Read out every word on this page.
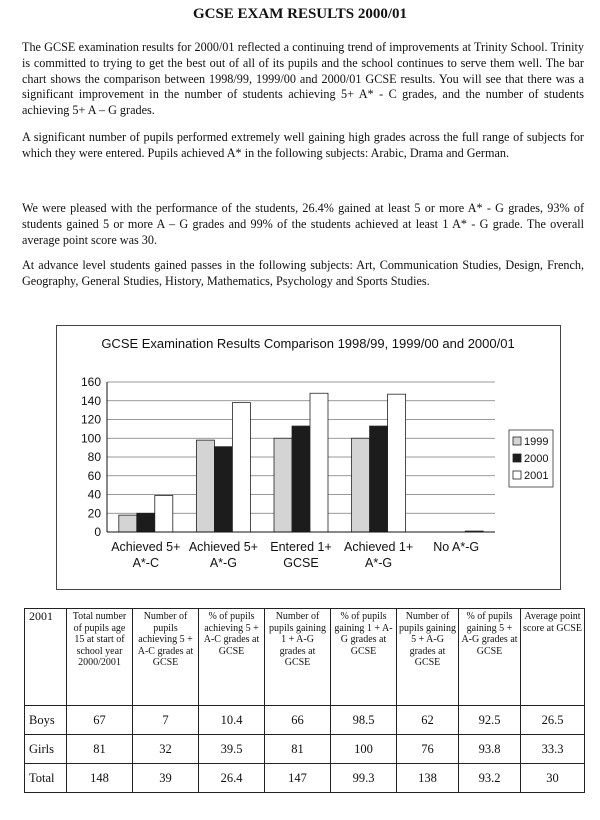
GCSE EXAM RESULTS 2000/01

The GCSE examination results for 2000/01 reflected a continuing trend of improvements at Trinity School. Trinity is committed to trying to get the best out of all of its pupils and the school continues to serve them well. The bar chart shows the comparison between 1998/99, 1999/00 and 2000/01 GCSE results. You will see that there was a significant improvement in the number of students achieving 5+ A* - C grades, and the number of students achieving 5+ A – G grades.

A significant number of pupils performed extremely well gaining high grades across the full range of subjects for which they were entered. Pupils achieved A* in the following subjects: Arabic, Drama and German.

We were pleased with the performance of the students, 26.4% gained at least 5 or more A* - G grades, 93% of students gained 5 or more A – G grades and 99% of the students achieved at least 1 A* - G grade. The overall average point score was 30.

At advance level students gained passes in the following subjects: Art, Communication Studies, Design, French, Geography, General Studies, History, Mathematics, Psychology and Sports Studies.

GCSE Examination Results Comparison 1998/99, 1999/00 and 2000/01
0
20
40
60
80
100
120
140
160
Achieved 5+
A*-C
Achieved 5+
A*-G
Entered 1+
GCSE
Achieved 1+
A*-G
No A*-G
1999
2000
2001
2001	Total number of pupils age 15 at start of school year 2000/2001	Number of pupils achieving 5 + A-C grades at GCSE	% of pupils achieving 5 + A-C grades at GCSE	Number of pupils gaining 1 + A-G grades at GCSE	% of pupils gaining 1 + A-G grades at GCSE	Number of pupils gaining 5 + A-G grades at GCSE	% of pupils gaining 5 + A-G grades at GCSE	Average point score at GCSE
Boys	67	7	10.4	66	98.5	62	92.5	26.5
Girls	81	32	39.5	81	100	76	93.8	33.3
Total	148	39	26.4	147	99.3	138	93.2	30
